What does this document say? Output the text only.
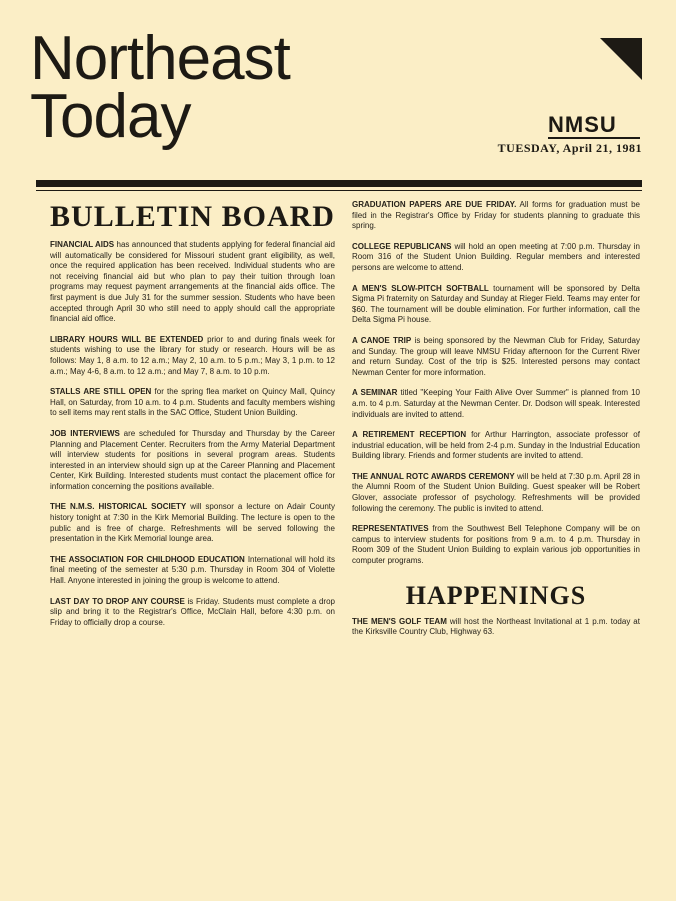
Northeast
Today	NMSU
TUESDAY, April 21, 1981
BULLETIN BOARD

FINANCIAL AIDS has announced that students applying for federal financial aid will automatically be considered for Missouri student grant eligibility, as well, once the required application has been received. Individual students who are not receiving financial aid but who plan to pay their tuition through loan programs may request payment arrangements at the financial aids office. The first payment is due July 31 for the summer session. Students who have been accepted through April 30 who still need to apply should call the appropriate financial aid office.

LIBRARY HOURS WILL BE EXTENDED prior to and during finals week for students wishing to use the library for study or research. Hours will be as follows: May 1, 8 a.m. to 12 a.m.; May 2, 10 a.m. to 5 p.m.; May 3, 1 p.m. to 12 a.m.; May 4-6, 8 a.m. to 12 a.m.; and May 7, 8 a.m. to 10 p.m.

STALLS ARE STILL OPEN for the spring flea market on Quincy Mall, Quincy Hall, on Saturday, from 10 a.m. to 4 p.m. Students and faculty members wishing to sell items may rent stalls in the SAC Office, Student Union Building.

JOB INTERVIEWS are scheduled for Thursday and Thursday by the Career Planning and Placement Center. Recruiters from the Army Material Department will interview students for positions in several program areas. Students interested in an interview should sign up at the Career Planning and Placement Center, Kirk Building. Interested students must contact the placement office for information concerning the positions available.

THE N.M.S. HISTORICAL SOCIETY will sponsor a lecture on Adair County history tonight at 7:30 in the Kirk Memorial Building. The lecture is open to the public and is free of charge. Refreshments will be served following the presentation in the Kirk Memorial lounge area.

THE ASSOCIATION FOR CHILDHOOD EDUCATION International will hold its final meeting of the semester at 5:30 p.m. Thursday in Room 304 of Violette Hall. Anyone interested in joining the group is welcome to attend.

LAST DAY TO DROP ANY COURSE is Friday. Students must complete a drop slip and bring it to the Registrar's Office, McClain Hall, before 4:30 p.m. on Friday to officially drop a course.

GRADUATION PAPERS ARE DUE FRIDAY. All forms for graduation must be filed in the Registrar's Office by Friday for students planning to graduate this spring.

COLLEGE REPUBLICANS will hold an open meeting at 7:00 p.m. Thursday in Room 316 of the Student Union Building. Regular members and interested persons are welcome to attend.

A MEN'S SLOW-PITCH SOFTBALL tournament will be sponsored by Delta Sigma Pi fraternity on Saturday and Sunday at Rieger Field. Teams may enter for $60. The tournament will be double elimination. For further information, call the Delta Sigma Pi house.

A CANOE TRIP is being sponsored by the Newman Club for Friday, Saturday and Sunday. The group will leave NMSU Friday afternoon for the Current River and return Sunday. Cost of the trip is $25. Interested persons may contact Newman Center for more information.

A SEMINAR titled "Keeping Your Faith Alive Over Summer" is planned from 10 a.m. to 4 p.m. Saturday at the Newman Center. Dr. Dodson will speak. Interested individuals are invited to attend.

A RETIREMENT RECEPTION for Arthur Harrington, associate professor of industrial education, will be held from 2-4 p.m. Sunday in the Industrial Education Building library. Friends and former students are invited to attend.

THE ANNUAL ROTC AWARDS CEREMONY will be held at 7:30 p.m. April 28 in the Alumni Room of the Student Union Building. Guest speaker will be Robert Glover, associate professor of psychology. Refreshments will be provided following the ceremony. The public is invited to attend.

REPRESENTATIVES from the Southwest Bell Telephone Company will be on campus to interview students for positions from 9 a.m. to 4 p.m. Thursday in Room 309 of the Student Union Building to explain various job opportunities in computer programs.

HAPPENINGS

THE MEN'S GOLF TEAM will host the Northeast Invitational at 1 p.m. today at the Kirksville Country Club, Highway 63.
